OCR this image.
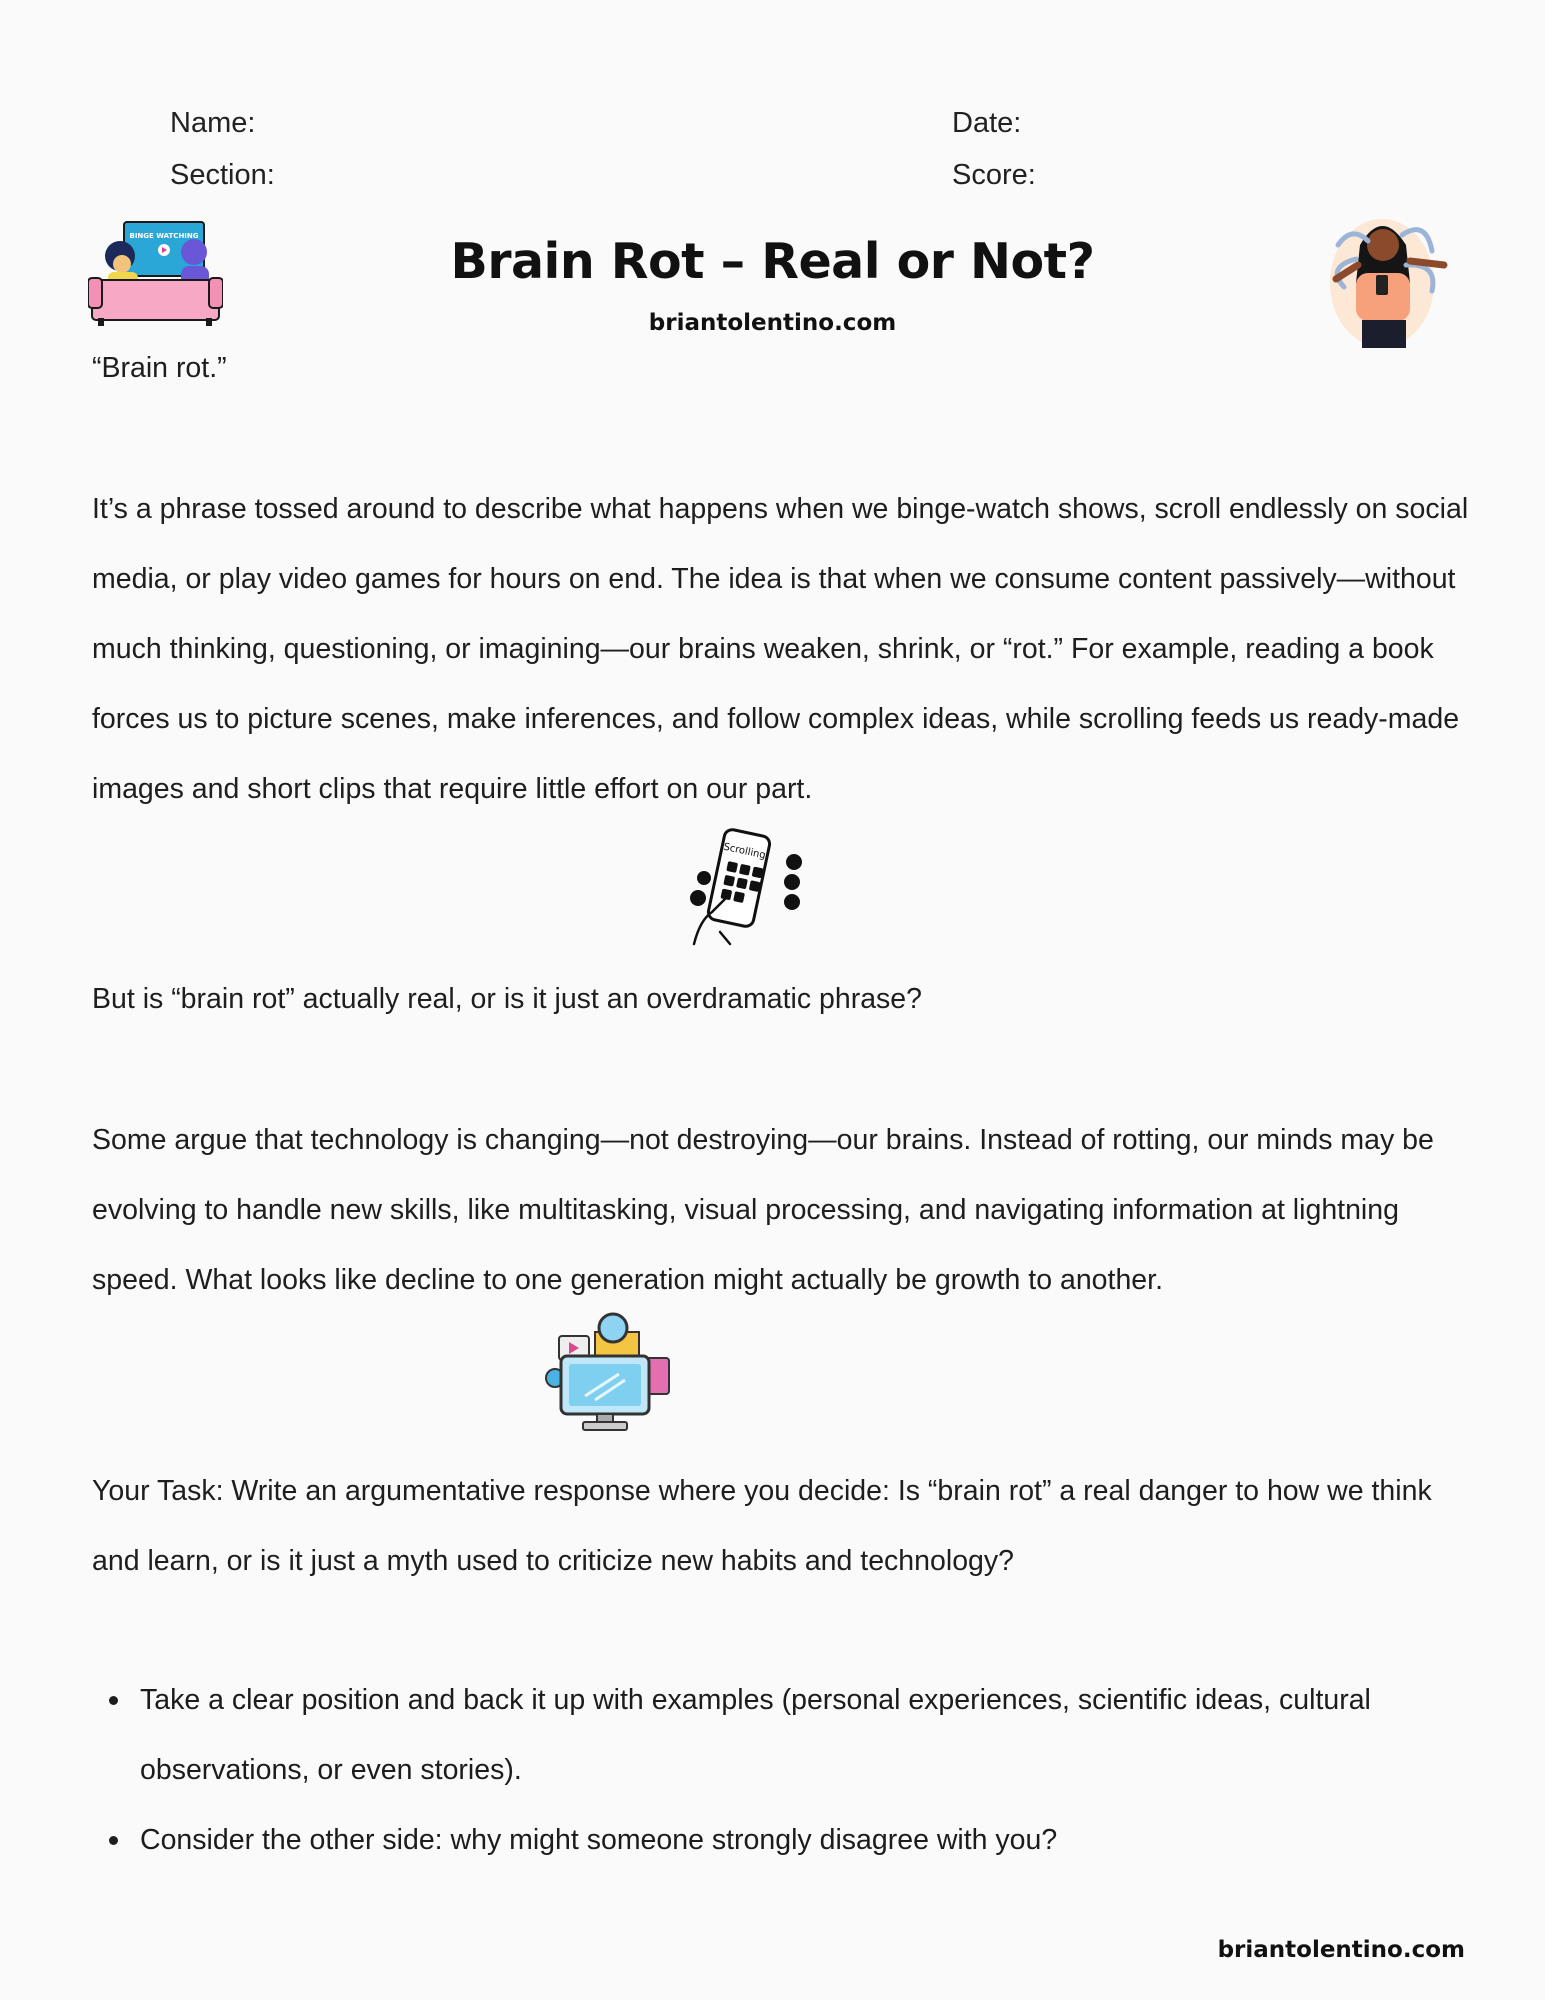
Name:	Date:
Section:	Score:
BINGE WATCHING	Brain Rot – Real or Not?
briantolentino.com
“Brain rot.”
It’s a phrase tossed around to describe what happens when we binge-watch shows, scroll endlessly on social media, or play video games for hours on end. The idea is that when we consume content passively—without much thinking, questioning, or imagining—our brains weaken, shrink, or “rot.” For example, reading a book forces us to picture scenes, make inferences, and follow complex ideas, while scrolling feeds us ready-made images and short clips that require little effort on our part.
Scrolling
But is “brain rot” actually real, or is it just an overdramatic phrase?
Some argue that technology is changing—not destroying—our brains. Instead of rotting, our minds may be evolving to handle new skills, like multitasking, visual processing, and navigating information at lightning speed. What looks like decline to one generation might actually be growth to another.
Your Task: Write an argumentative response where you decide: Is “brain rot” a real danger to how we think and learn, or is it just a myth used to criticize new habits and technology?
Take a clear position and back it up with examples (personal experiences, scientific ideas, cultural observations, or even stories).
Consider the other side: why might someone strongly disagree with you?
briantolentino.com
